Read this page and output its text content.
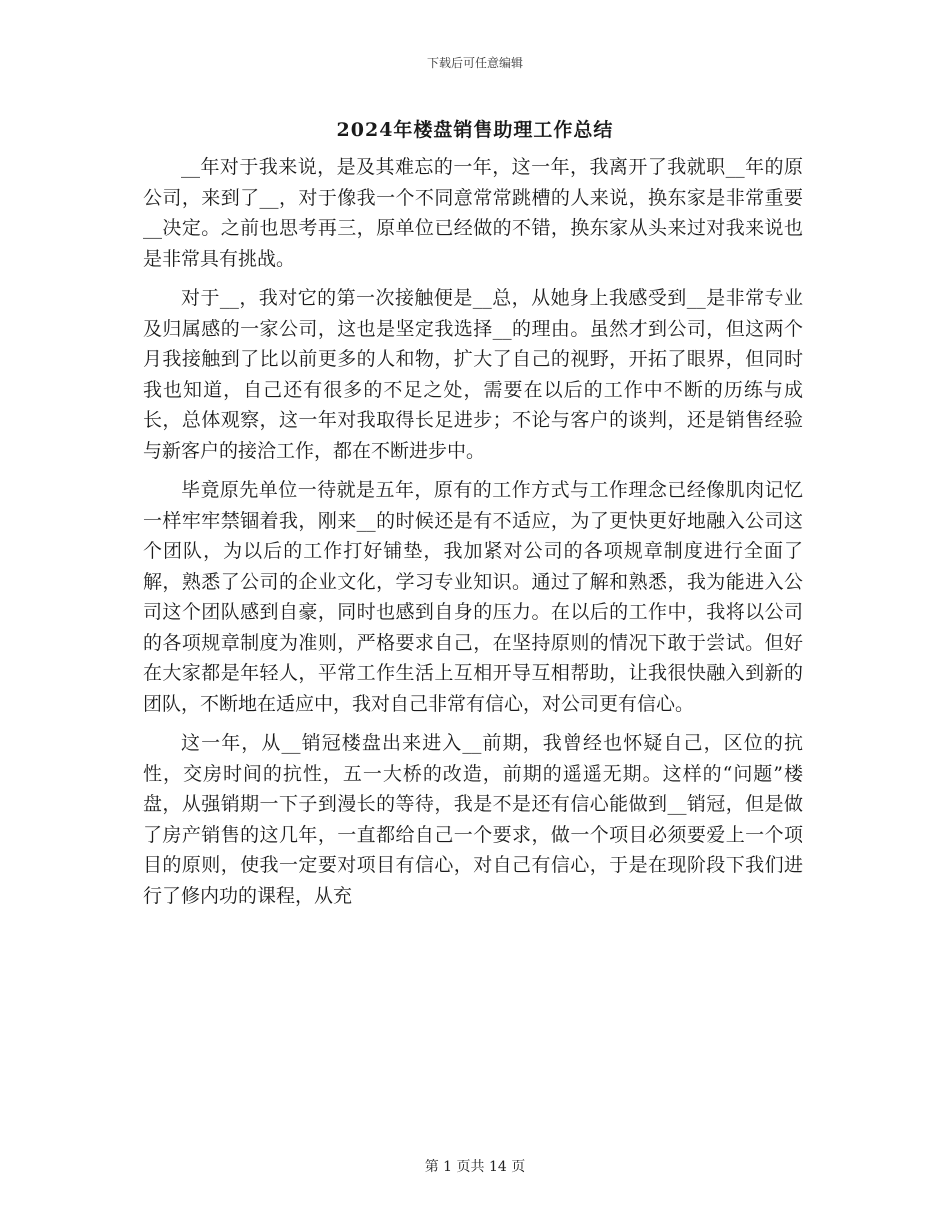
下载后可任意编辑
2024年楼盘销售助理工作总结

__年对于我来说，是及其难忘的一年，这一年，我离开了我就职__年的原公司，来到了__，对于像我一个不同意常常跳槽的人来说，换东家是非常重要__决定。之前也思考再三，原单位已经做的不错，换东家从头来过对我来说也是非常具有挑战。

对于__，我对它的第一次接触便是__总，从她身上我感受到__是非常专业及归属感的一家公司，这也是坚定我选择__的理由。虽然才到公司，但这两个月我接触到了比以前更多的人和物，扩大了自己的视野，开拓了眼界，但同时我也知道，自己还有很多的不足之处，需要在以后的工作中不断的历练与成长，总体观察，这一年对我取得长足进步；不论与客户的谈判，还是销售经验与新客户的接洽工作，都在不断进步中。

毕竟原先单位一待就是五年，原有的工作方式与工作理念已经像肌肉记忆一样牢牢禁锢着我，刚来__的时候还是有不适应，为了更快更好地融入公司这个团队，为以后的工作打好铺垫，我加紧对公司的各项规章制度进行全面了解，熟悉了公司的企业文化，学习专业知识。通过了解和熟悉，我为能进入公司这个团队感到自豪，同时也感到自身的压力。在以后的工作中，我将以公司的各项规章制度为准则，严格要求自己，在坚持原则的情况下敢于尝试。但好在大家都是年轻人，平常工作生活上互相开导互相帮助，让我很快融入到新的团队，不断地在适应中，我对自己非常有信心，对公司更有信心。

这一年，从__销冠楼盘出来进入__前期，我曾经也怀疑自己，区位的抗性，交房时间的抗性，五一大桥的改造，前期的遥遥无期。这样的“问题”楼盘，从强销期一下子到漫长的等待，我是不是还有信心能做到__销冠，但是做了房产销售的这几年，一直都给自己一个要求，做一个项目必须要爱上一个项目的原则，使我一定要对项目有信心，对自己有信心，于是在现阶段下我们进行了修内功的课程，从充

第 1 页共 14 页
